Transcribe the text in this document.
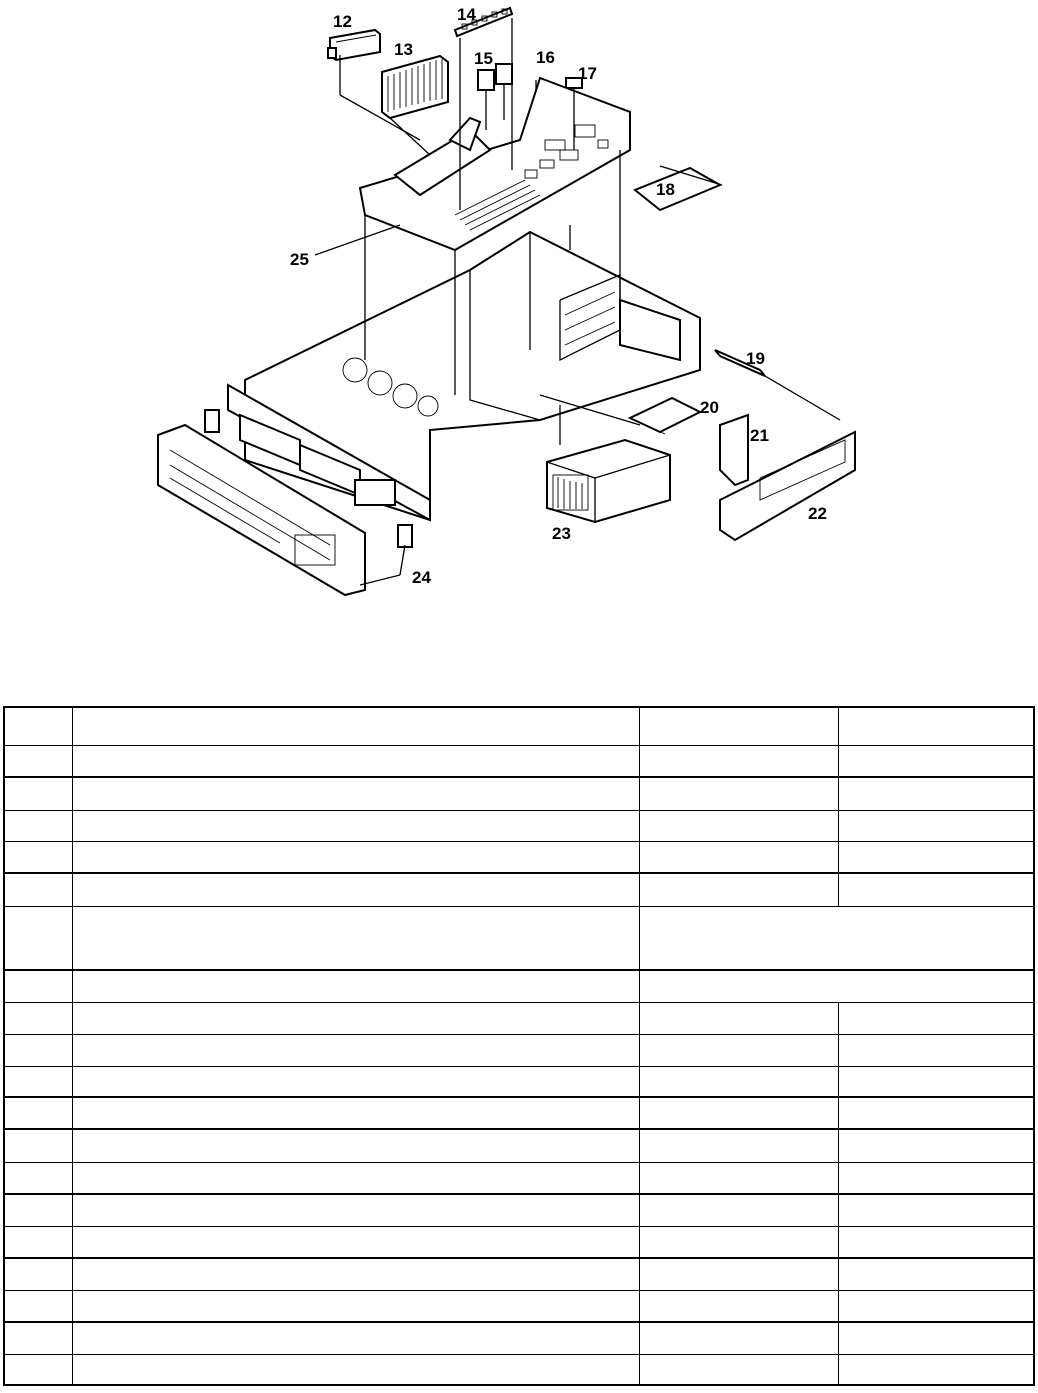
12
13
14
15	16
17
18
19
20
21
22
23
24
25
